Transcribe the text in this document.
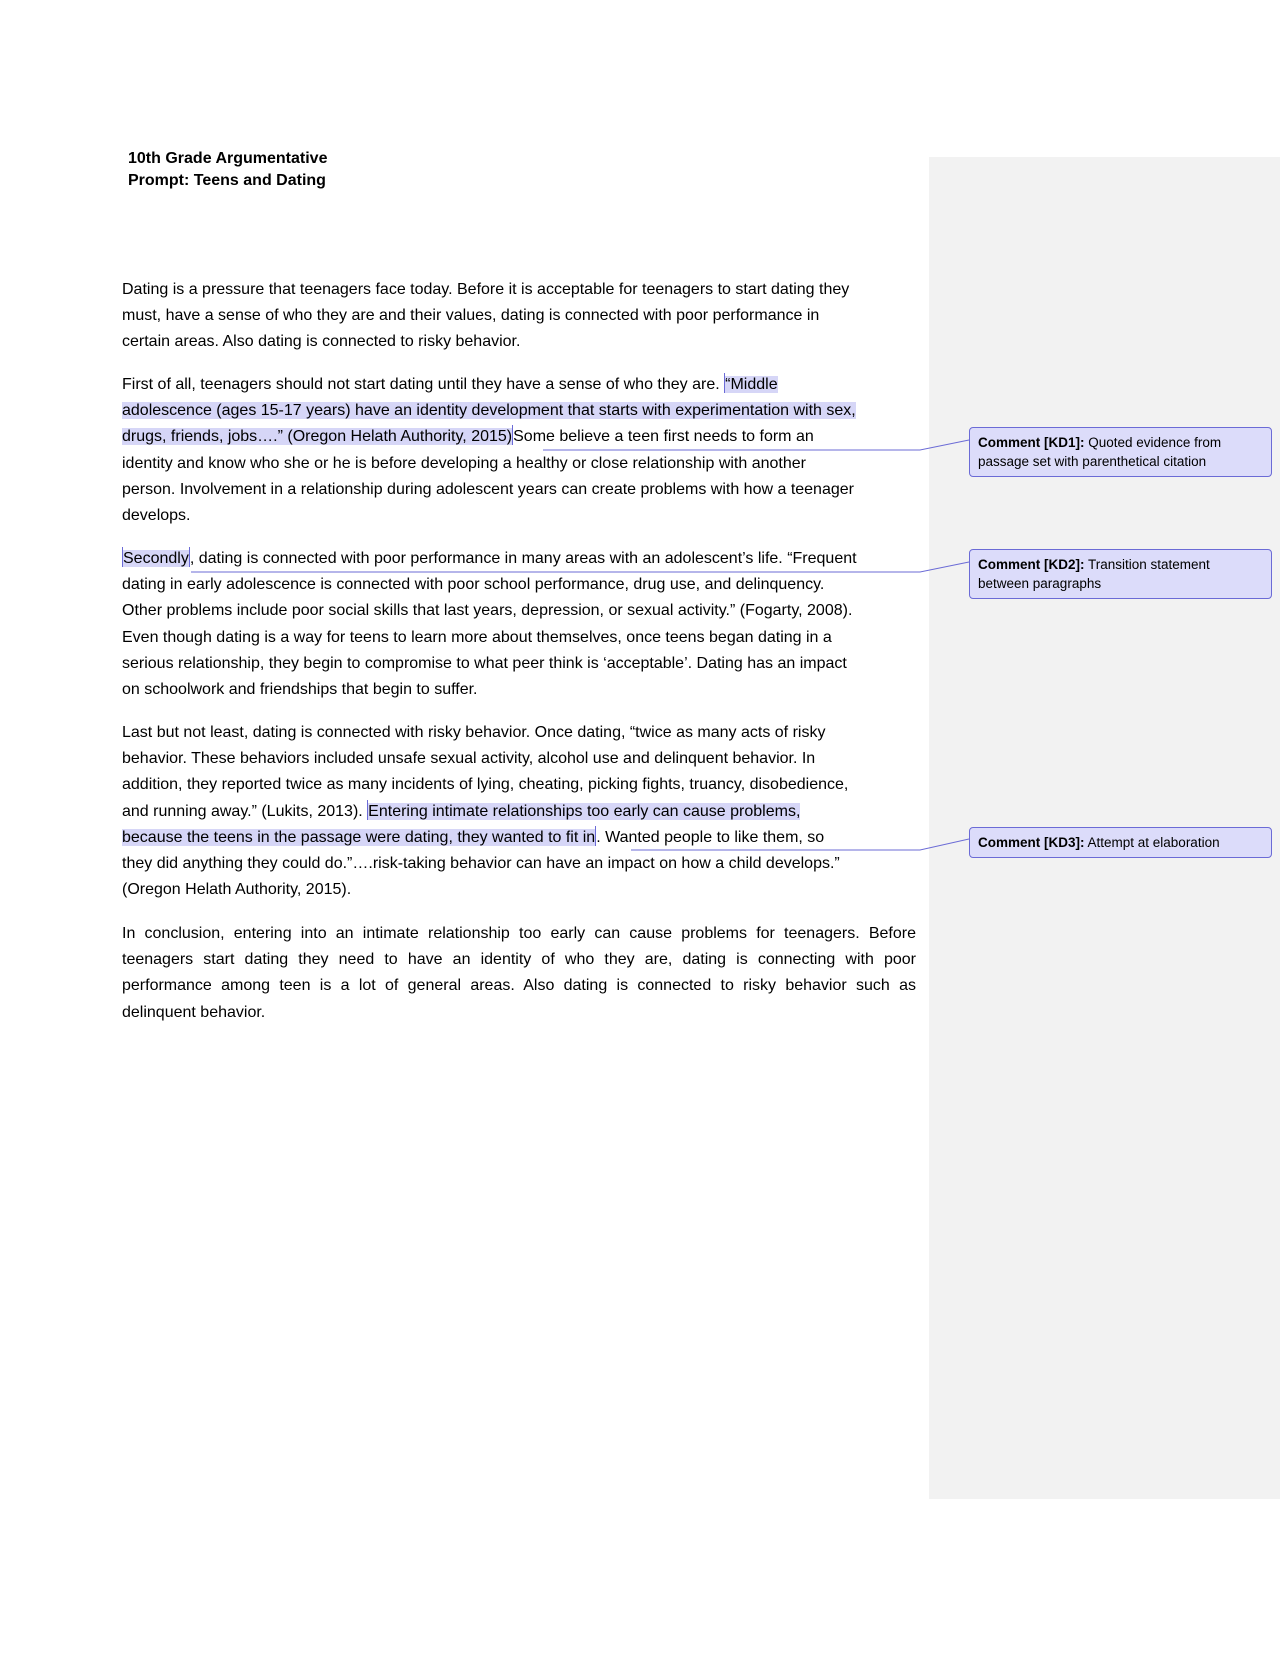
10th Grade Argumentative
Prompt: Teens and Dating
Dating is a pressure that teenagers face today. Before it is acceptable for teenagers to start dating they
must, have a sense of who they are and their values, dating is connected with poor performance in
certain areas. Also dating is connected to risky behavior.
First of all, teenagers should not start dating until they have a sense of who they are. “Middle
adolescence (ages 15-17 years) have an identity development that starts with experimentation with sex,
drugs, friends, jobs….” (Oregon Helath Authority, 2015)Some believe a teen first needs to form an
identity and know who she or he is before developing a healthy or close relationship with another
person. Involvement in a relationship during adolescent years can create problems with how a teenager
develops.
Secondly, dating is connected with poor performance in many areas with an adolescent’s life. “Frequent
dating in early adolescence is connected with poor school performance, drug use, and delinquency.
Other problems include poor social skills that last years, depression, or sexual activity.” (Fogarty, 2008).
Even though dating is a way for teens to learn more about themselves, once teens began dating in a
serious relationship, they begin to compromise to what peer think is ‘acceptable’. Dating has an impact
on schoolwork and friendships that begin to suffer.
Last but not least, dating is connected with risky behavior. Once dating, “twice as many acts of risky
behavior. These behaviors included unsafe sexual activity, alcohol use and delinquent behavior. In
addition, they reported twice as many incidents of lying, cheating, picking fights, truancy, disobedience,
and running away.” (Lukits, 2013). Entering intimate relationships too early can cause problems,
because the teens in the passage were dating, they wanted to fit in. Wanted people to like them, so
they did anything they could do.”….risk-taking behavior can have an impact on how a child develops.”
(Oregon Helath Authority, 2015).
In conclusion, entering into an intimate relationship too early can cause problems for teenagers. Before
teenagers start dating they need to have an identity of who they are, dating is connecting with poor
performance among teen is a lot of general areas. Also dating is connected to risky behavior such as
delinquent behavior.
Comment [KD1]: Quoted evidence from passage set with parenthetical citation
Comment [KD2]: Transition statement between paragraphs
Comment [KD3]: Attempt at elaboration
